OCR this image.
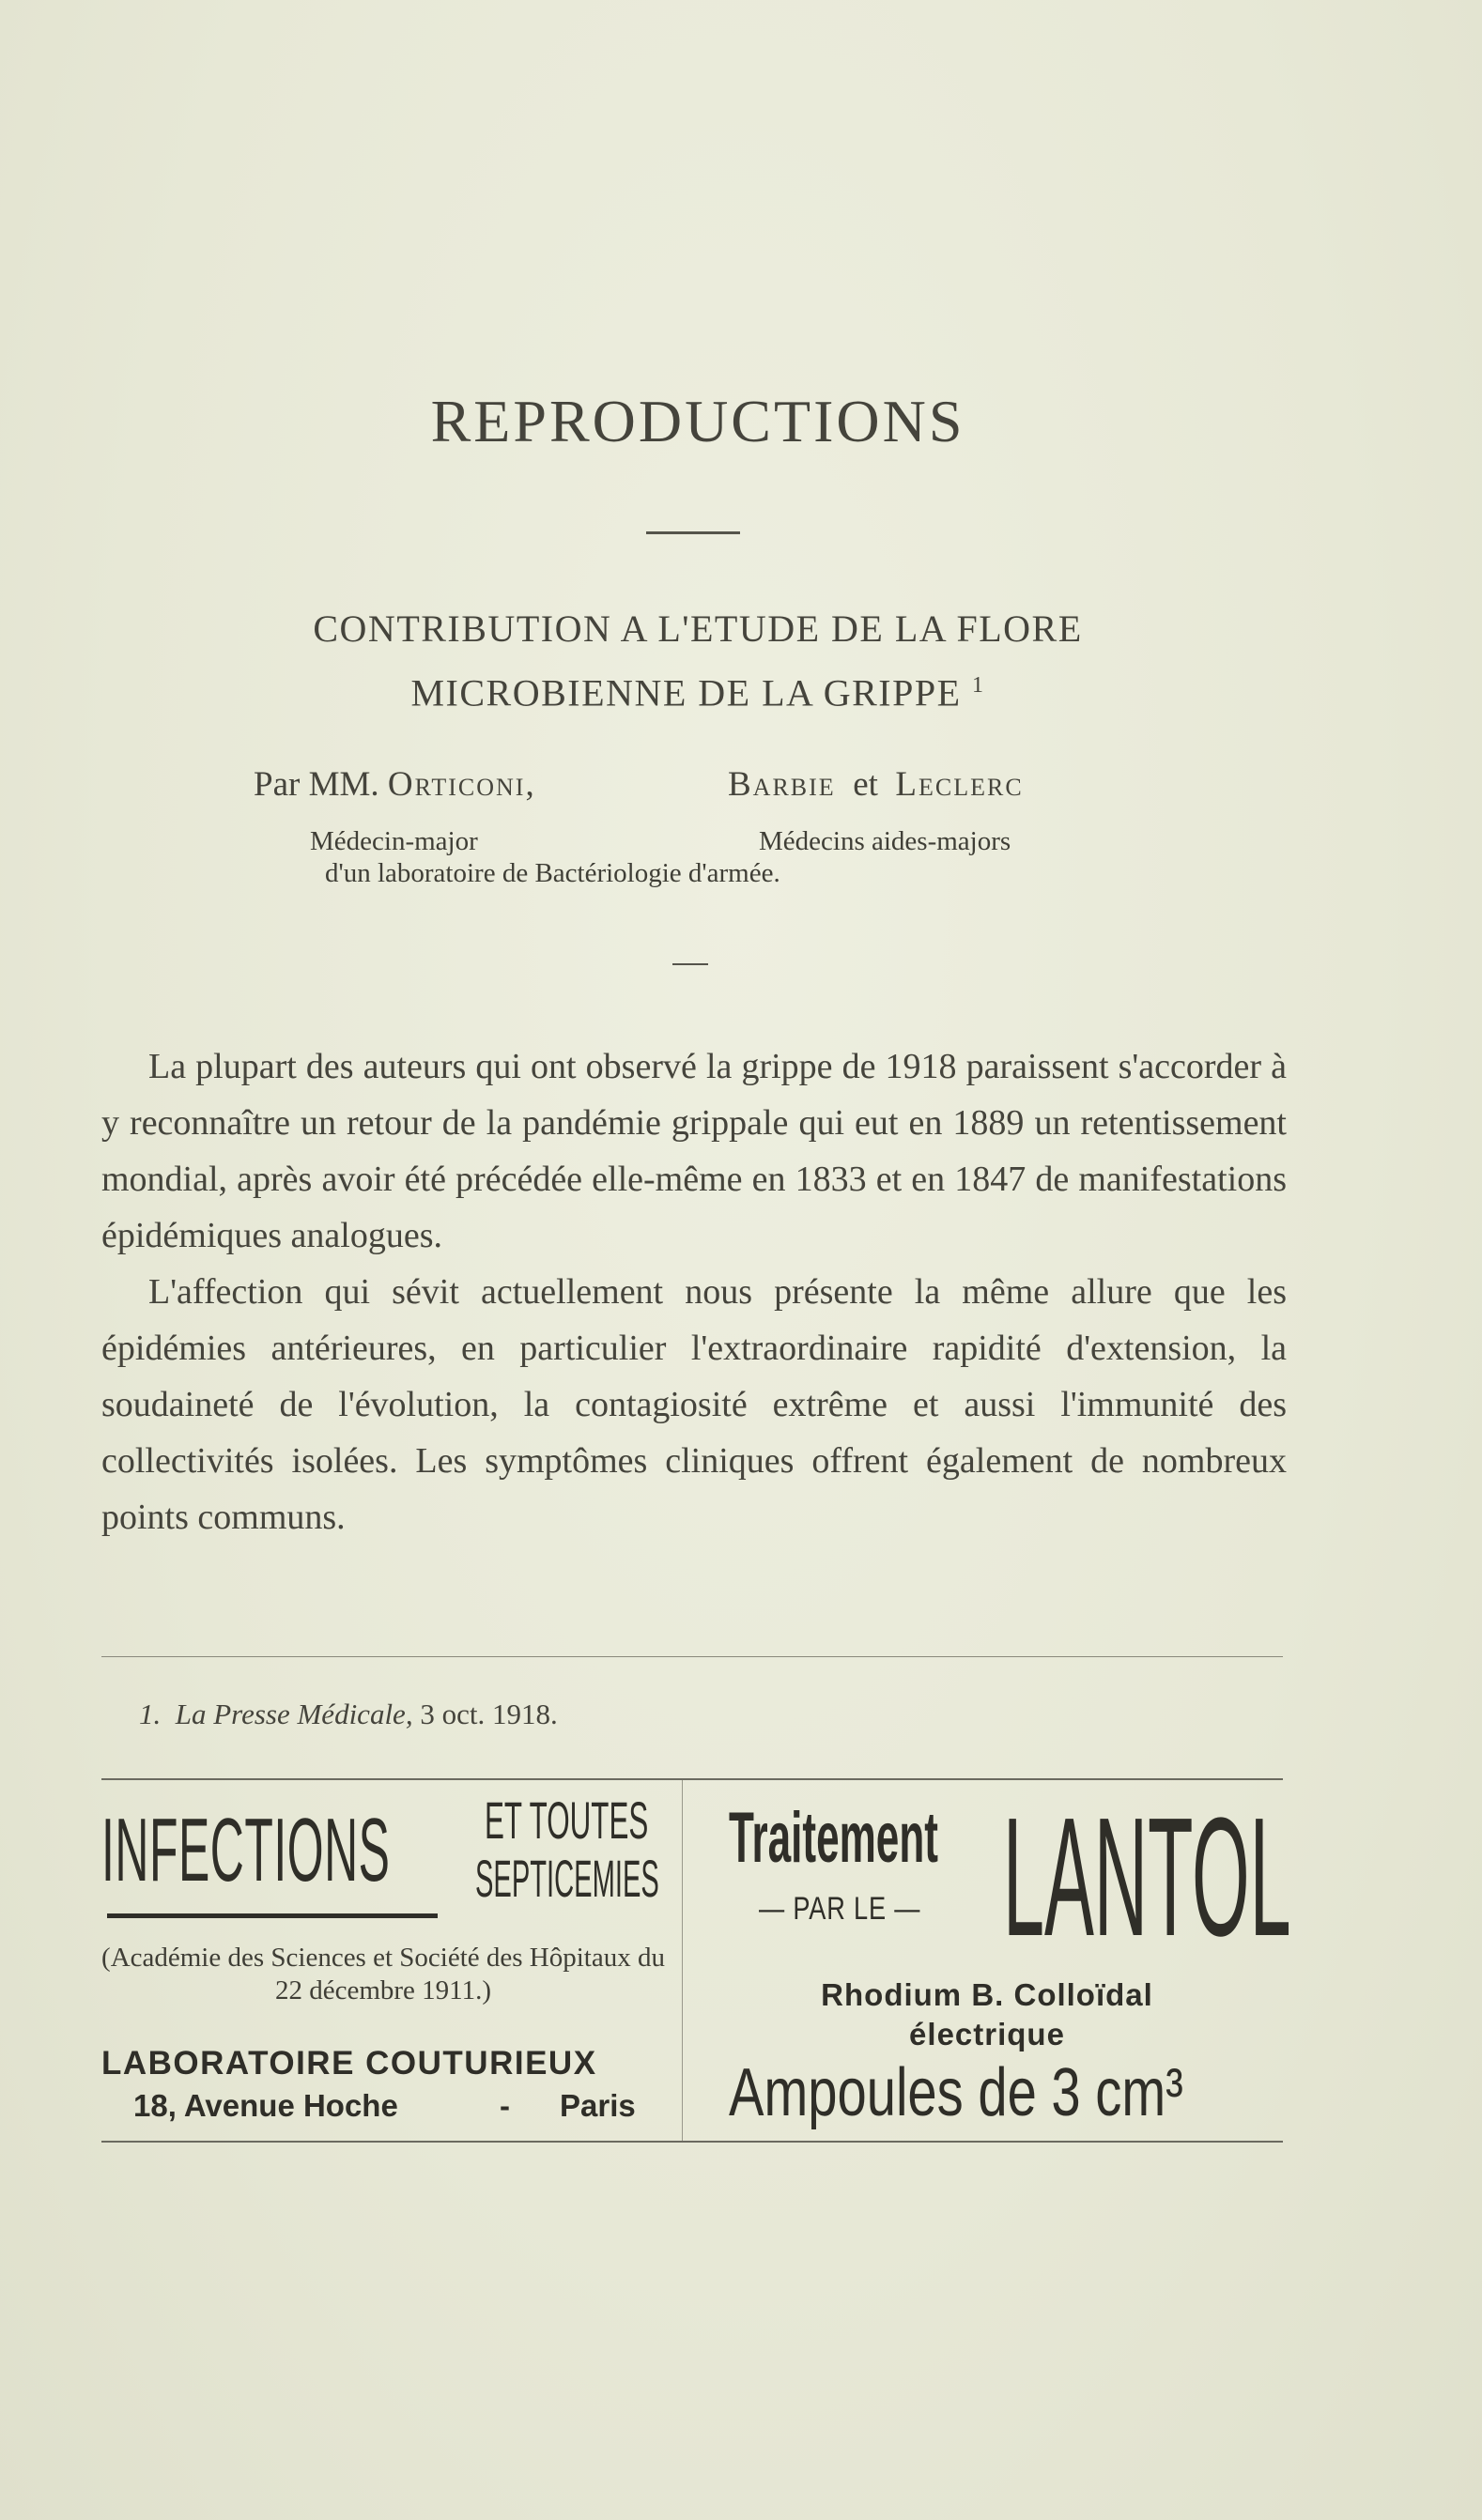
REPRODUCTIONS
CONTRIBUTION A L'ETUDE DE LA FLORE
MICROBIENNE DE LA GRIPPE $^1$
Par MM. Orticoni,	Barbie et Leclerc
Médecin-major	Médecins aides-majors
d'un laboratoire de Bactériologie d'armée.

La plupart des auteurs qui ont observé la grippe de 1918 paraissent s'accorder à y reconnaître un retour de la pandémie grippale qui eut en 1889 un retentissement mondial, après avoir été précédée elle-même en 1833 et en 1847 de manifestations épidémiques analogues.

L'affection qui sévit actuellement nous présente la même allure que les épidémies antérieures, en particulier l'extraordinaire rapidité d'extension, la soudaineté de l'évolution, la contagiosité extrême et aussi l'immunité des collectivités isolées. Les symptômes cliniques offrent également de nombreux points communs.

1. La Presse Médicale, 3 oct. 1918.
INFECTIONS ET TOUTES
SEPTICEMIES
(Académie des Sciences et Société des Hôpitaux du 22 décembre 1911.)
LABORATOIRE COUTURIEUX
18, Avenue Hoche	- Paris
Traitement
— PAR LE — LANTOL
Rhodium B. Colloïdal
électrique
Ampoules de 3 cm³
